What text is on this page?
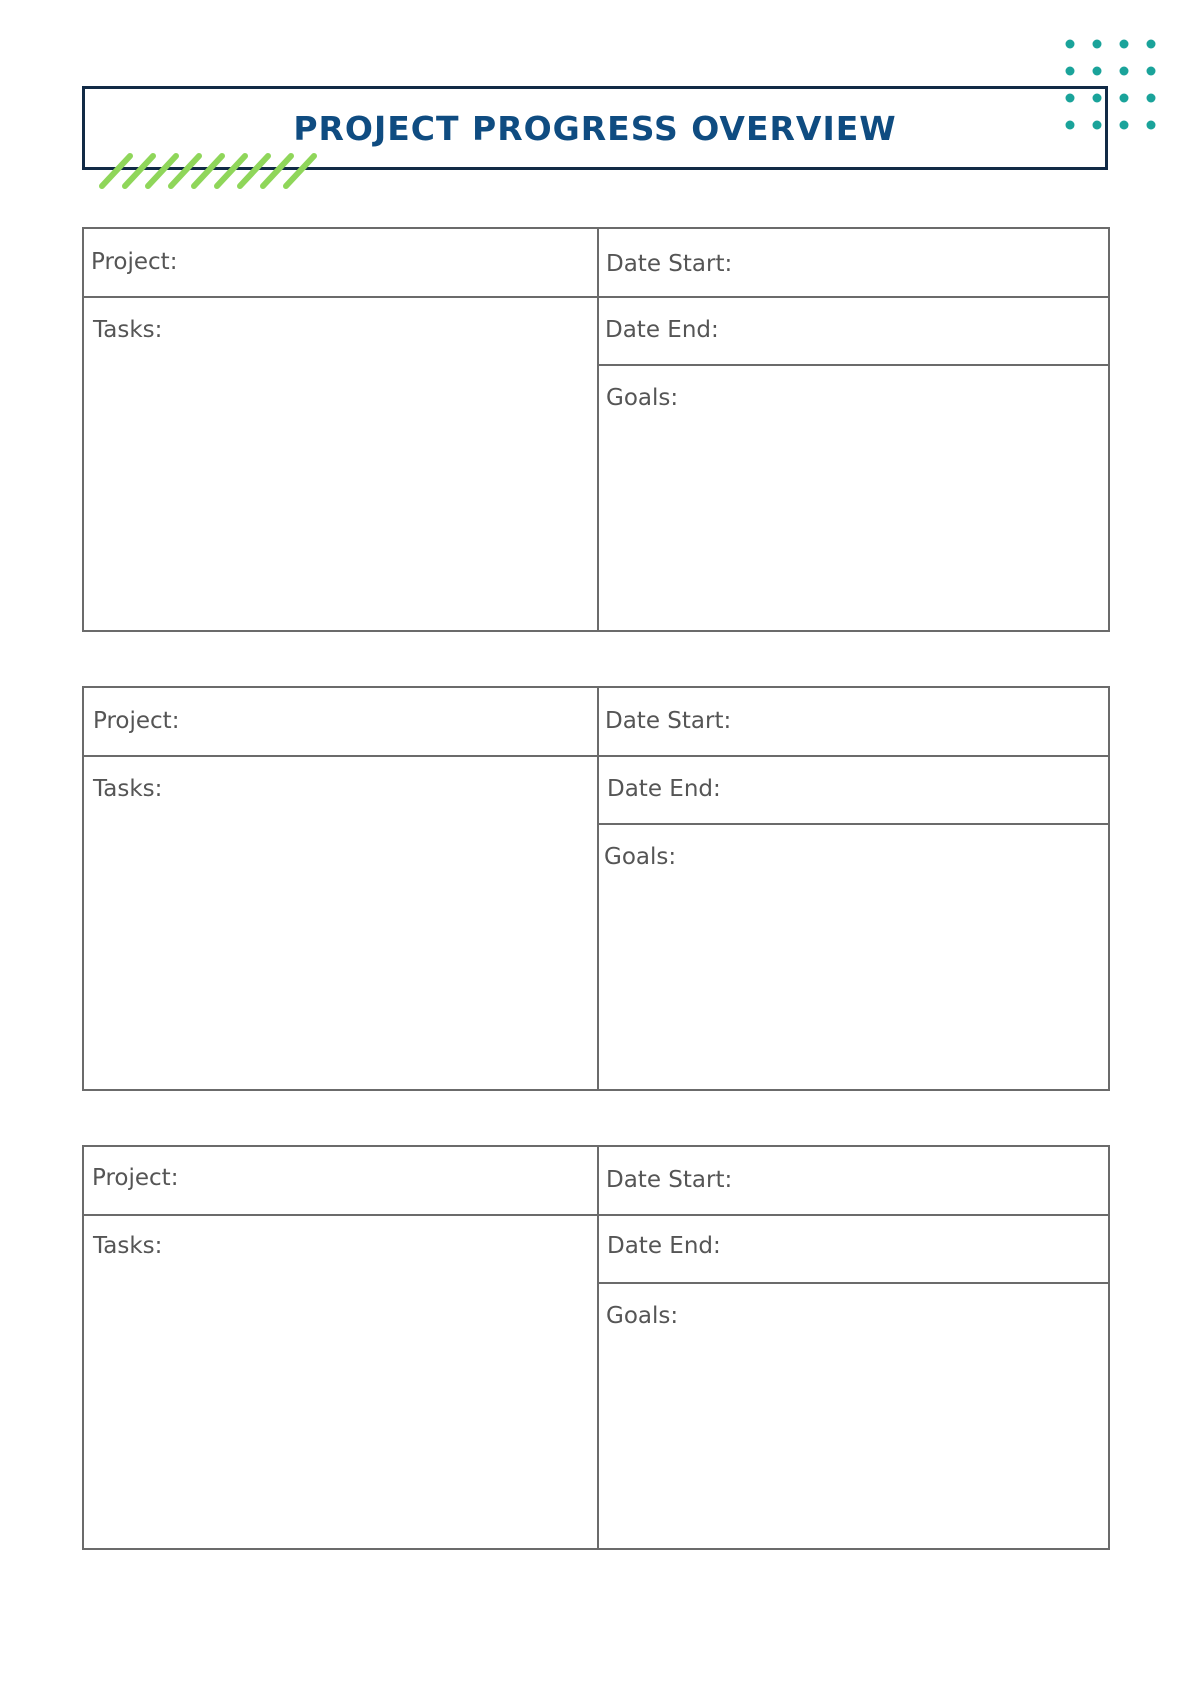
PROJECT PROGRESS OVERVIEW
Project:
Tasks:
Date Start:
Date End:
Goals:
Project:
Tasks:
Date Start:
Date End:
Goals:
Project:
Tasks:
Date Start:
Date End:
Goals:
